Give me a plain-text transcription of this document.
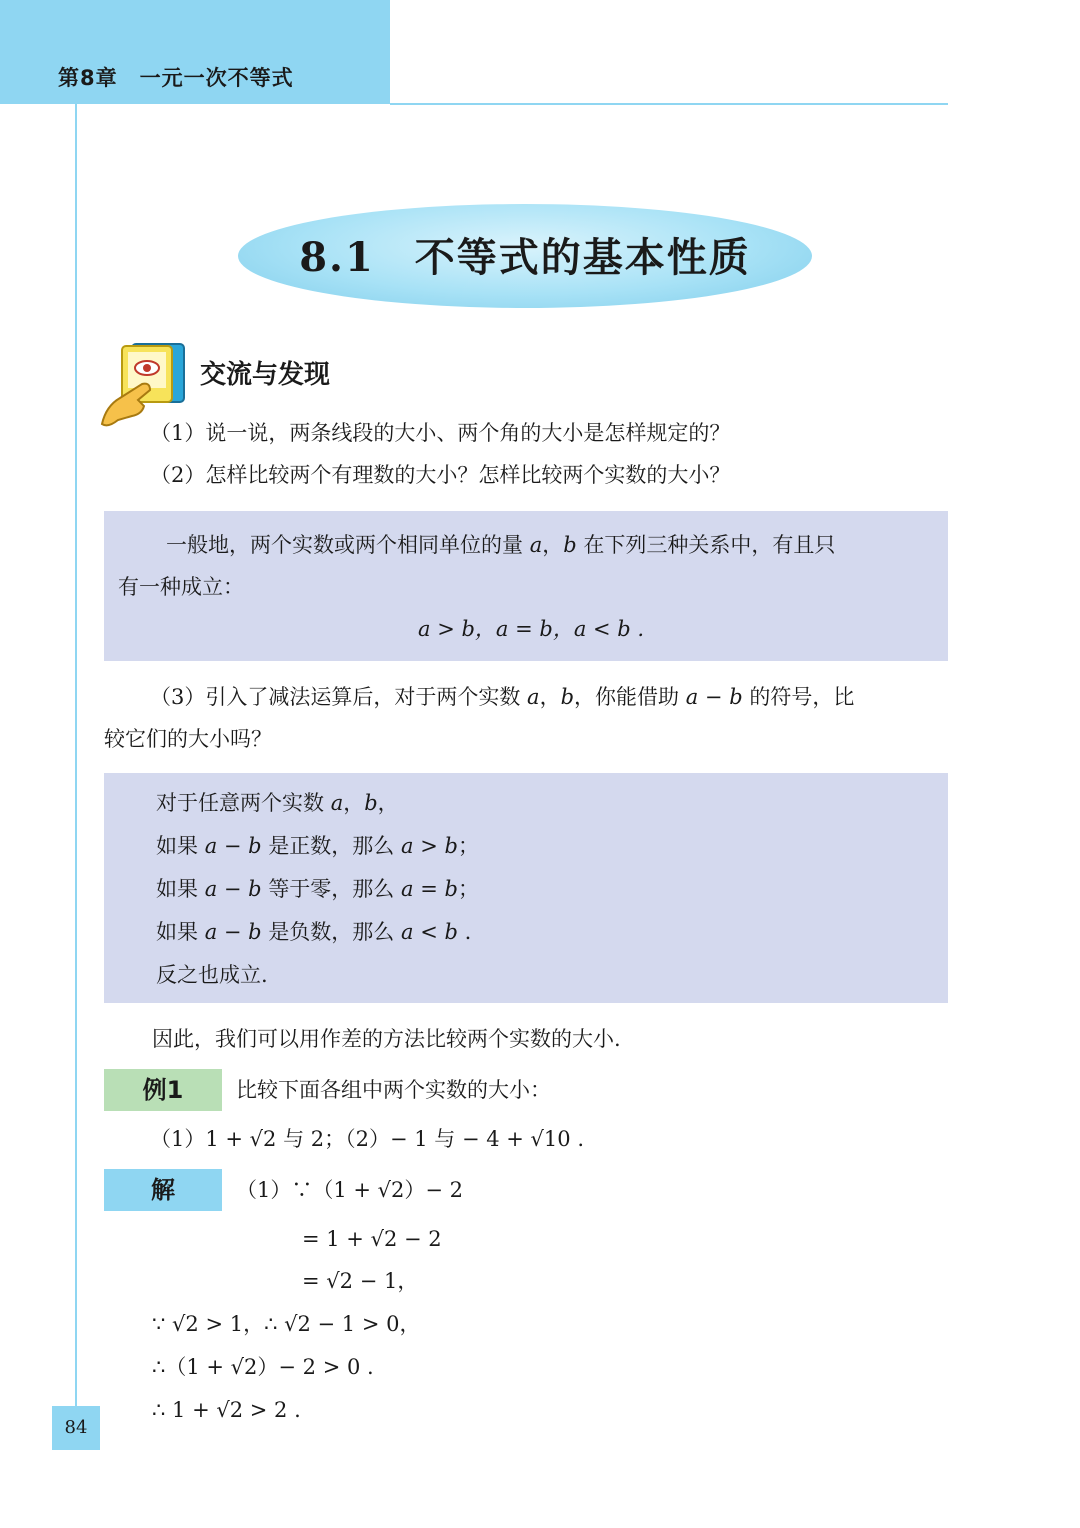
第8章　一元一次不等式
8.1 不等式的基本性质
交流与发现
（1）说一说，两条线段的大小、两个角的大小是怎样规定的？
（2）怎样比较两个有理数的大小？怎样比较两个实数的大小？
一般地，两个实数或两个相同单位的量 a，b 在下列三种关系中，有且只
有一种成立：
a > b，a = b，a < b .
（3）引入了减法运算后，对于两个实数 a，b，你能借助 a − b 的符号，比
较它们的大小吗？
对于任意两个实数 a，b，
如果 a − b 是正数，那么 a > b；
如果 a − b 等于零，那么 a = b；
如果 a − b 是负数，那么 a < b .
反之也成立.
因此，我们可以用作差的方法比较两个实数的大小.
例1	比较下面各组中两个实数的大小：
（1）1 + √2 与 2；（2）− 1 与 − 4 + √10 .
解	（1）∵（1 + √2）− 2
= 1 + √2 − 2
= √2 − 1，
∵ √2 > 1，∴ √2 − 1 > 0，
∴（1 + √2）− 2 > 0 .
∴ 1 + √2 > 2 .
84
